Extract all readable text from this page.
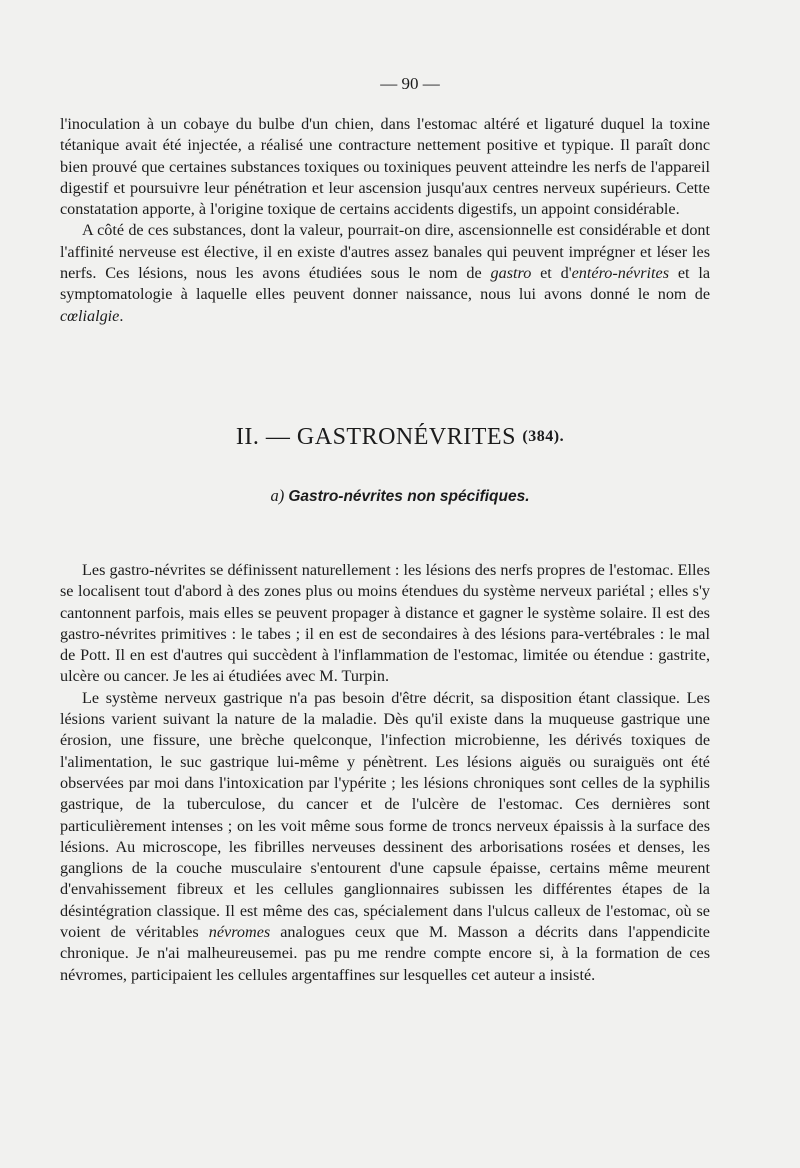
— 90 —

l'inoculation à un cobaye du bulbe d'un chien, dans l'estomac altéré et ligaturé duquel la toxine tétanique avait été injectée, a réalisé une contracture nettement positive et typique. Il paraît donc bien prouvé que certaines substances toxiques ou toxiniques peuvent atteindre les nerfs de l'appareil digestif et poursuivre leur pénétration et leur ascension jusqu'aux centres nerveux supérieurs. Cette constatation apporte, à l'origine toxique de certains accidents digestifs, un appoint considérable.

A côté de ces substances, dont la valeur, pourrait-on dire, ascensionnelle est considérable et dont l'affinité nerveuse est élective, il en existe d'autres assez banales qui peuvent imprégner et léser les nerfs. Ces lésions, nous les avons étudiées sous le nom de gastro et d'entéro-névrites et la symptomatologie à laquelle elles peuvent donner naissance, nous lui avons donné le nom de cœlialgie.

II. — GASTRONÉVRITES (384).
a) Gastro-névrites non spécifiques.

Les gastro-névrites se définissent naturellement : les lésions des nerfs propres de l'estomac. Elles se localisent tout d'abord à des zones plus ou moins étendues du système nerveux pariétal ; elles s'y cantonnent parfois, mais elles se peuvent propager à distance et gagner le système solaire. Il est des gastro-névrites primitives : le tabes ; il en est de secondaires à des lésions para-vertébrales : le mal de Pott. Il en est d'autres qui succèdent à l'inflammation de l'estomac, limitée ou étendue : gastrite, ulcère ou cancer. Je les ai étudiées avec M. Turpin.

Le système nerveux gastrique n'a pas besoin d'être décrit, sa disposition étant classique. Les lésions varient suivant la nature de la maladie. Dès qu'il existe dans la muqueuse gastrique une érosion, une fissure, une brèche quelconque, l'infection microbienne, les dérivés toxiques de l'alimentation, le suc gastrique lui-même y pénètrent. Les lésions aiguës ou suraiguës ont été observées par moi dans l'intoxication par l'ypérite ; les lésions chroniques sont celles de la syphilis gastrique, de la tuberculose, du cancer et de l'ulcère de l'estomac. Ces dernières sont particulièrement intenses ; on les voit même sous forme de troncs nerveux épaissis à la surface des lésions. Au microscope, les fibrilles nerveuses dessinent des arborisations rosées et denses, les ganglions de la couche musculaire s'entourent d'une capsule épaisse, certains même meurent d'envahissement fibreux et les cellules ganglionnaires subissen les différentes étapes de la désintégration classique. Il est même des cas, spécialement dans l'ulcus calleux de l'estomac, où se voient de véritables névromes analogues ceux que M. Masson a décrits dans l'appendicite chronique. Je n'ai malheureusemei. pas pu me rendre compte encore si, à la formation de ces névromes, participaient les cellules argentaffines sur lesquelles cet auteur a insisté.
